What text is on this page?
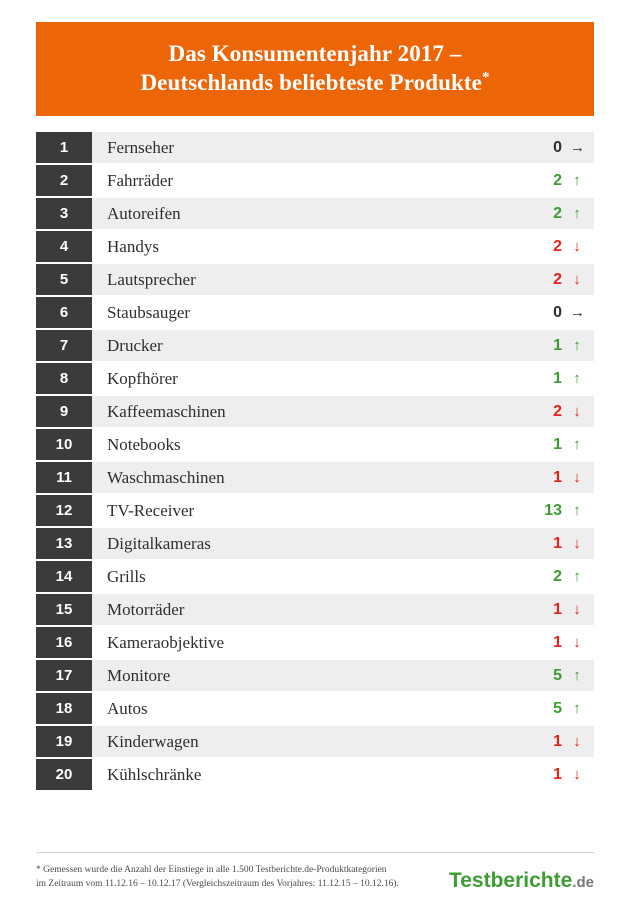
Das Konsumentenjahr 2017 –
Deutschlands beliebteste Produkte*
1	Fernseher	0 →
2	Fahrräder	2 ↑
3	Autoreifen	2 ↑
4	Handys	2 ↓
5	Lautsprecher	2 ↓
6	Staubsauger	0 →
7	Drucker	1 ↑
8	Kopfhörer	1 ↑
9	Kaffeemaschinen	2 ↓
10	Notebooks	1 ↑
11	Waschmaschinen	1 ↓
12	TV-Receiver	13 ↑
13	Digitalkameras	1 ↓
14	Grills	2 ↑
15	Motorräder	1 ↓
16	Kameraobjektive	1 ↓
17	Monitore	5 ↑
18	Autos	5 ↑
19	Kinderwagen	1 ↓
20	Kühlschränke	1 ↓
* Gemessen wurde die Anzahl der Einstiege in alle 1.500 Testberichte.de-Produktkategorien
im Zeitraum vom 11.12.16 – 10.12.17 (Vergleichszeitraum des Vorjahres: 11.12.15 – 10.12.16). Testberichte.de
